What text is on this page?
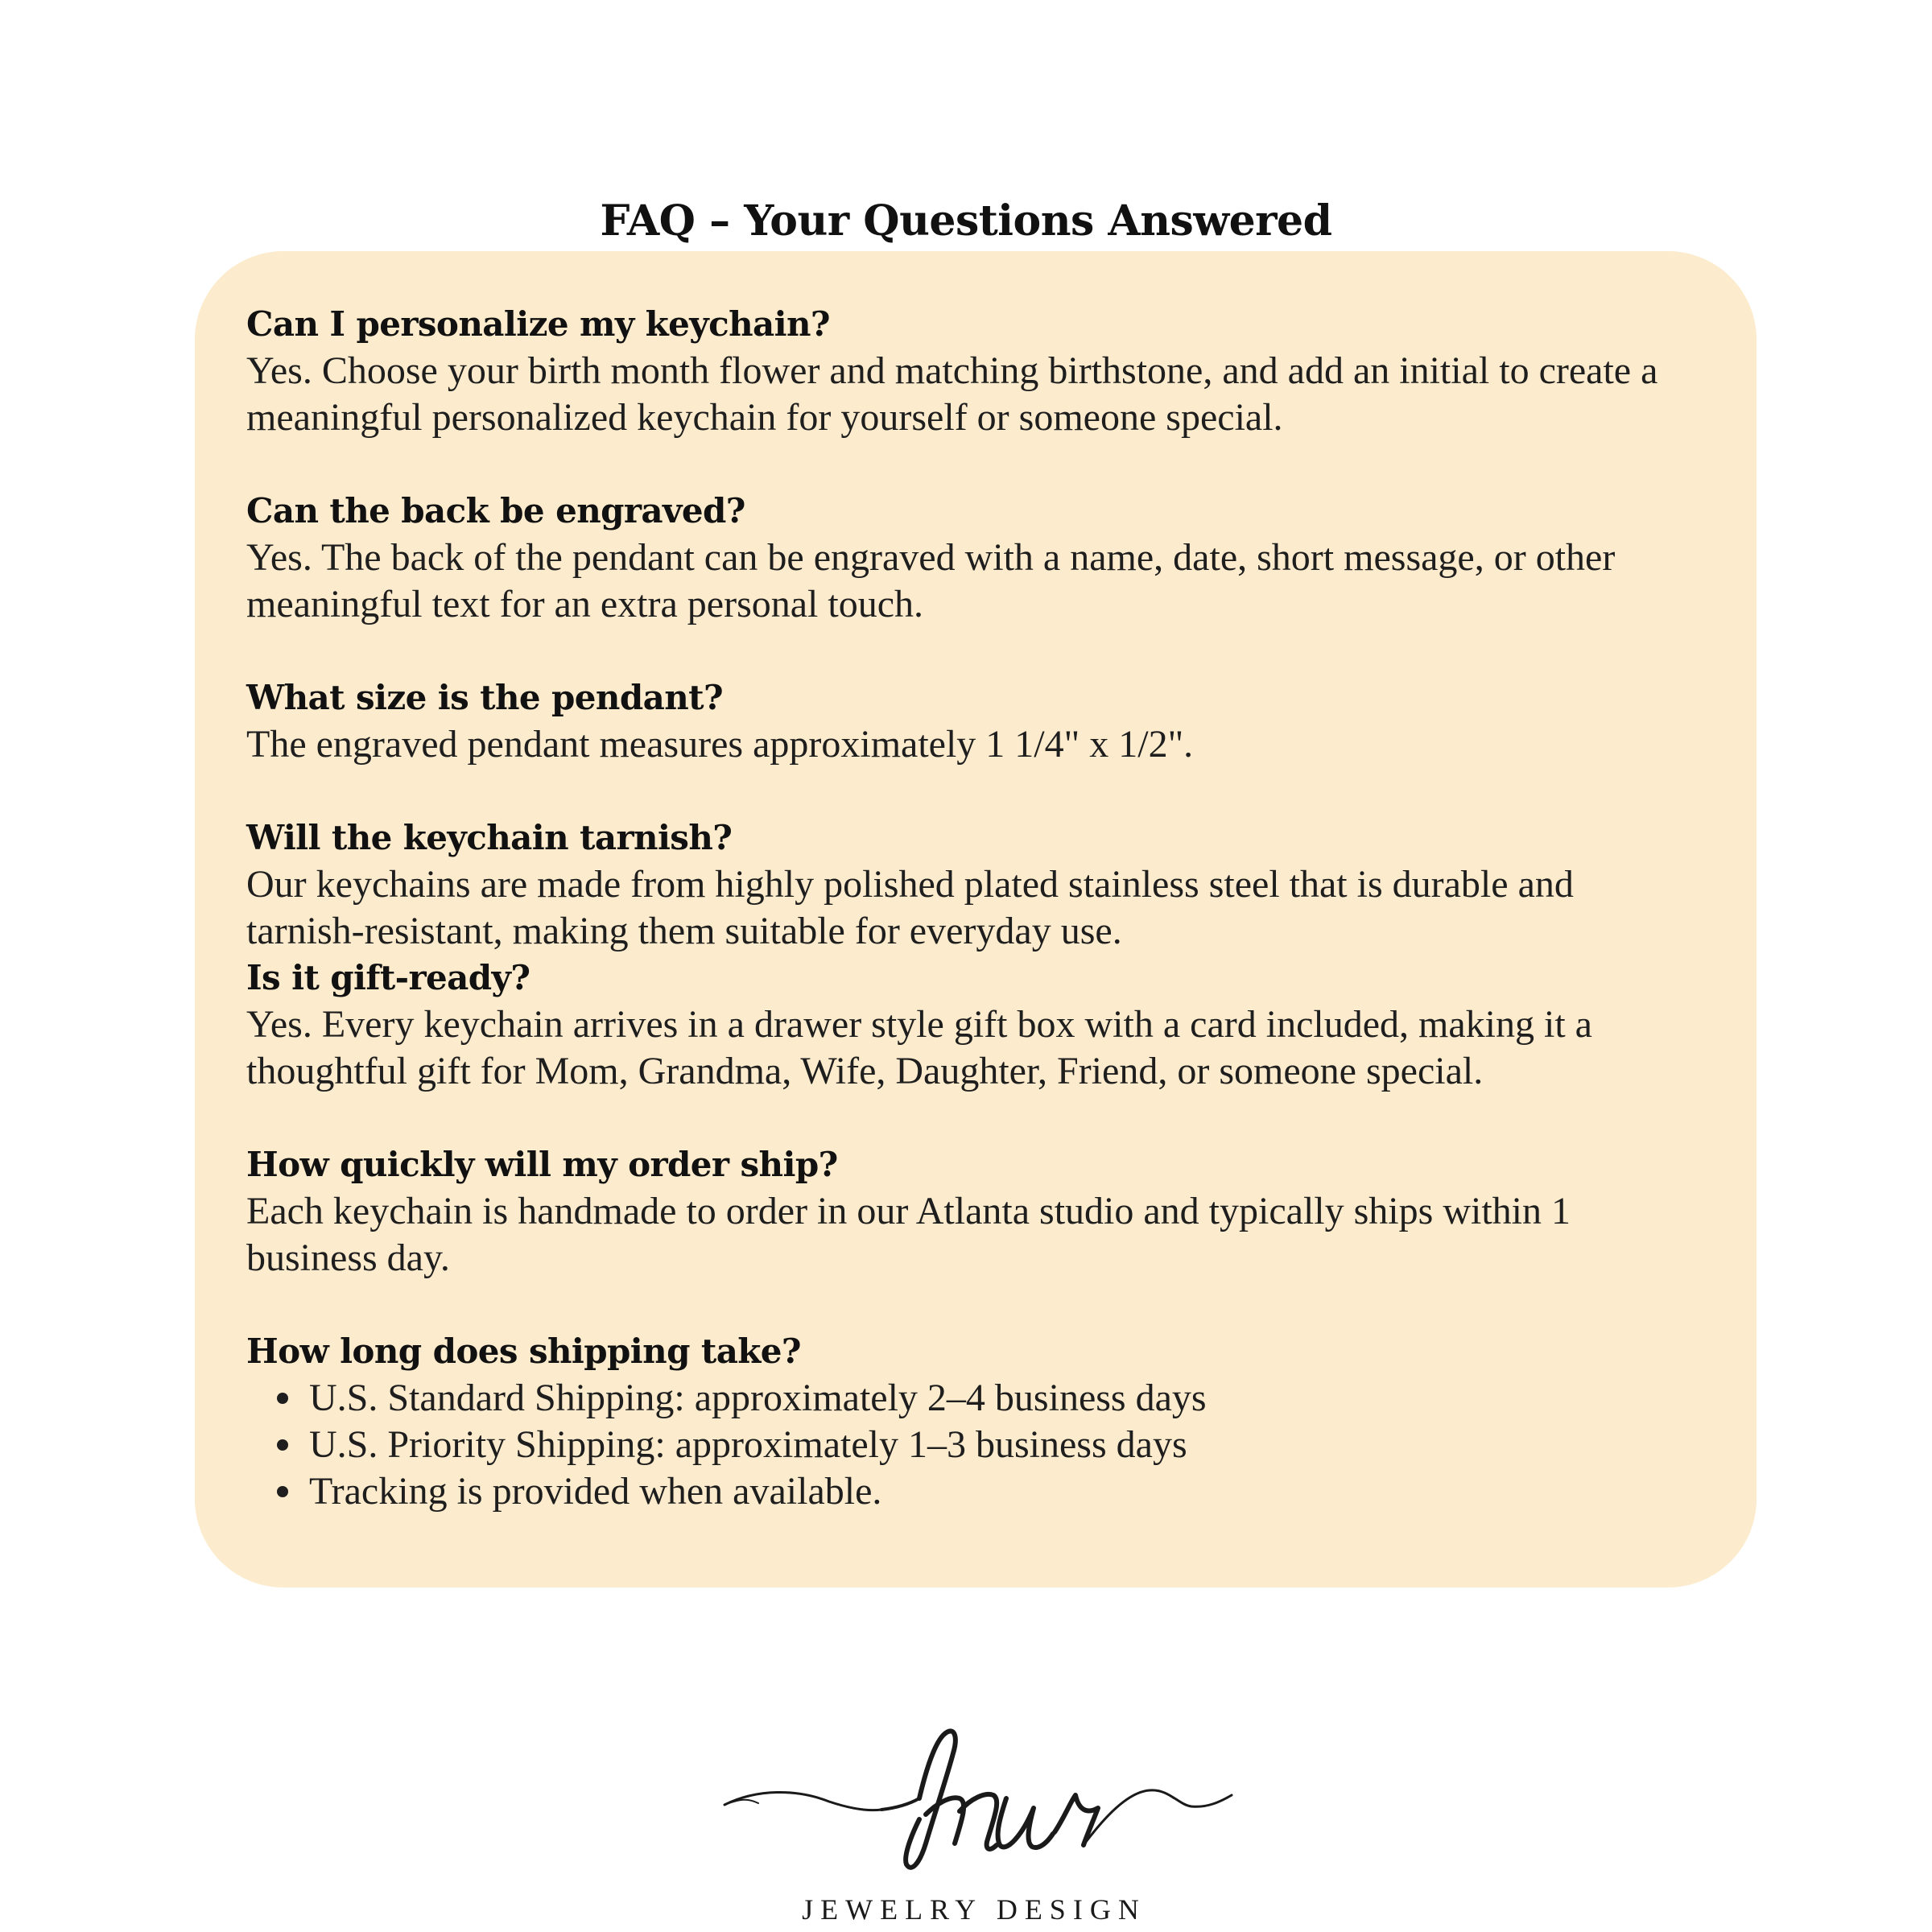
FAQ – Your Questions Answered

Can I personalize my keychain?

Yes. Choose your birth month flower and matching birthstone, and add an initial to create a

meaningful personalized keychain for yourself or someone special.

Can the back be engraved?

Yes. The back of the pendant can be engraved with a name, date, short message, or other

meaningful text for an extra personal touch.

What size is the pendant?

The engraved pendant measures approximately 1 1/4" x 1/2".

Will the keychain tarnish?

Our keychains are made from highly polished plated stainless steel that is durable and

tarnish-resistant, making them suitable for everyday use.

Is it gift-ready?

Yes. Every keychain arrives in a drawer style gift box with a card included, making it a

thoughtful gift for Mom, Grandma, Wife, Daughter, Friend, or someone special.

How quickly will my order ship?

Each keychain is handmade to order in our Atlanta studio and typically ships within 1

business day.

How long does shipping take?

U.S. Standard Shipping: approximately 2–4 business days
U.S. Priority Shipping: approximately 1–3 business days
Tracking is provided when available.
JEWELRY DESIGN
